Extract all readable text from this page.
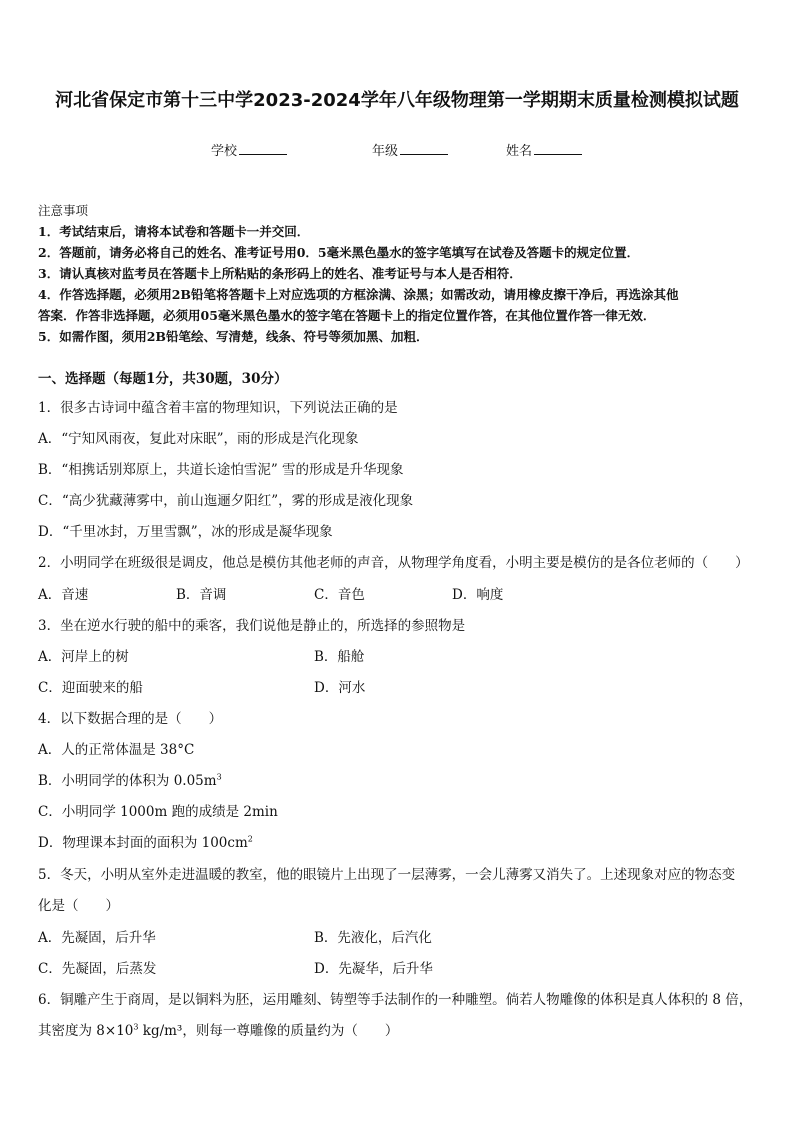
河北省保定市第十三中学2023-2024学年八年级物理第一学期期末质量检测模拟试题
学校	年级	姓名

注意事项

1．考试结束后，请将本试卷和答题卡一并交回．

2．答题前，请务必将自己的姓名、准考证号用0．5毫米黑色墨水的签字笔填写在试卷及答题卡的规定位置．

3．请认真核对监考员在答题卡上所粘贴的条形码上的姓名、准考证号与本人是否相符．

4．作答选择题，必须用2B铅笔将答题卡上对应选项的方框涂满、涂黑；如需改动，请用橡皮擦干净后，再选涂其他

答案．作答非选择题，必须用05毫米黑色墨水的签字笔在答题卡上的指定位置作答，在其他位置作答一律无效．

5．如需作图，须用2B铅笔绘、写清楚，线条、符号等须加黑、加粗．

一、选择题（每题1分，共30题，30分）
1．很多古诗词中蕴含着丰富的物理知识，下列说法正确的是
A．“宁知风雨夜，复此对床眠”，雨的形成是汽化现象
B．“相携话别郑原上，共道长途怕雪泥” 雪的形成是升华现象
C．“高少犹藏薄雾中，前山迤逦夕阳红”，雾的形成是液化现象
D．“千里冰封，万里雪飘”，冰的形成是凝华现象
2．小明同学在班级很是调皮，他总是模仿其他老师的声音，从物理学角度看，小明主要是模仿的是各位老师的（　　）
A．音速	B．音调	C．音色	D．响度
3．坐在逆水行驶的船中的乘客，我们说他是静止的，所选择的参照物是
A．河岸上的树	B．船舱
C．迎面驶来的船	D．河水
4．以下数据合理的是（　　）
A．人的正常体温是 38°C
B．小明同学的体积为 $0.05m^3$
C．小明同学 1000m 跑的成绩是 2min
D．物理课本封面的面积为 $100cm^2$
5．冬天，小明从室外走进温暖的教室，他的眼镜片上出现了一层薄雾，一会儿薄雾又消失了。上述现象对应的物态变
化是（　　）
A．先凝固，后升华	B．先液化，后汽化
C．先凝固，后蒸发	D．先凝华，后升华
6．铜雕产生于商周，是以铜料为胚，运用雕刻、铸塑等手法制作的一种雕塑。倘若人物雕像的体积是真人体积的 8 倍，
其密度为 $8\times 10^3$ kg/m³，则每一尊雕像的质量约为（　　）
